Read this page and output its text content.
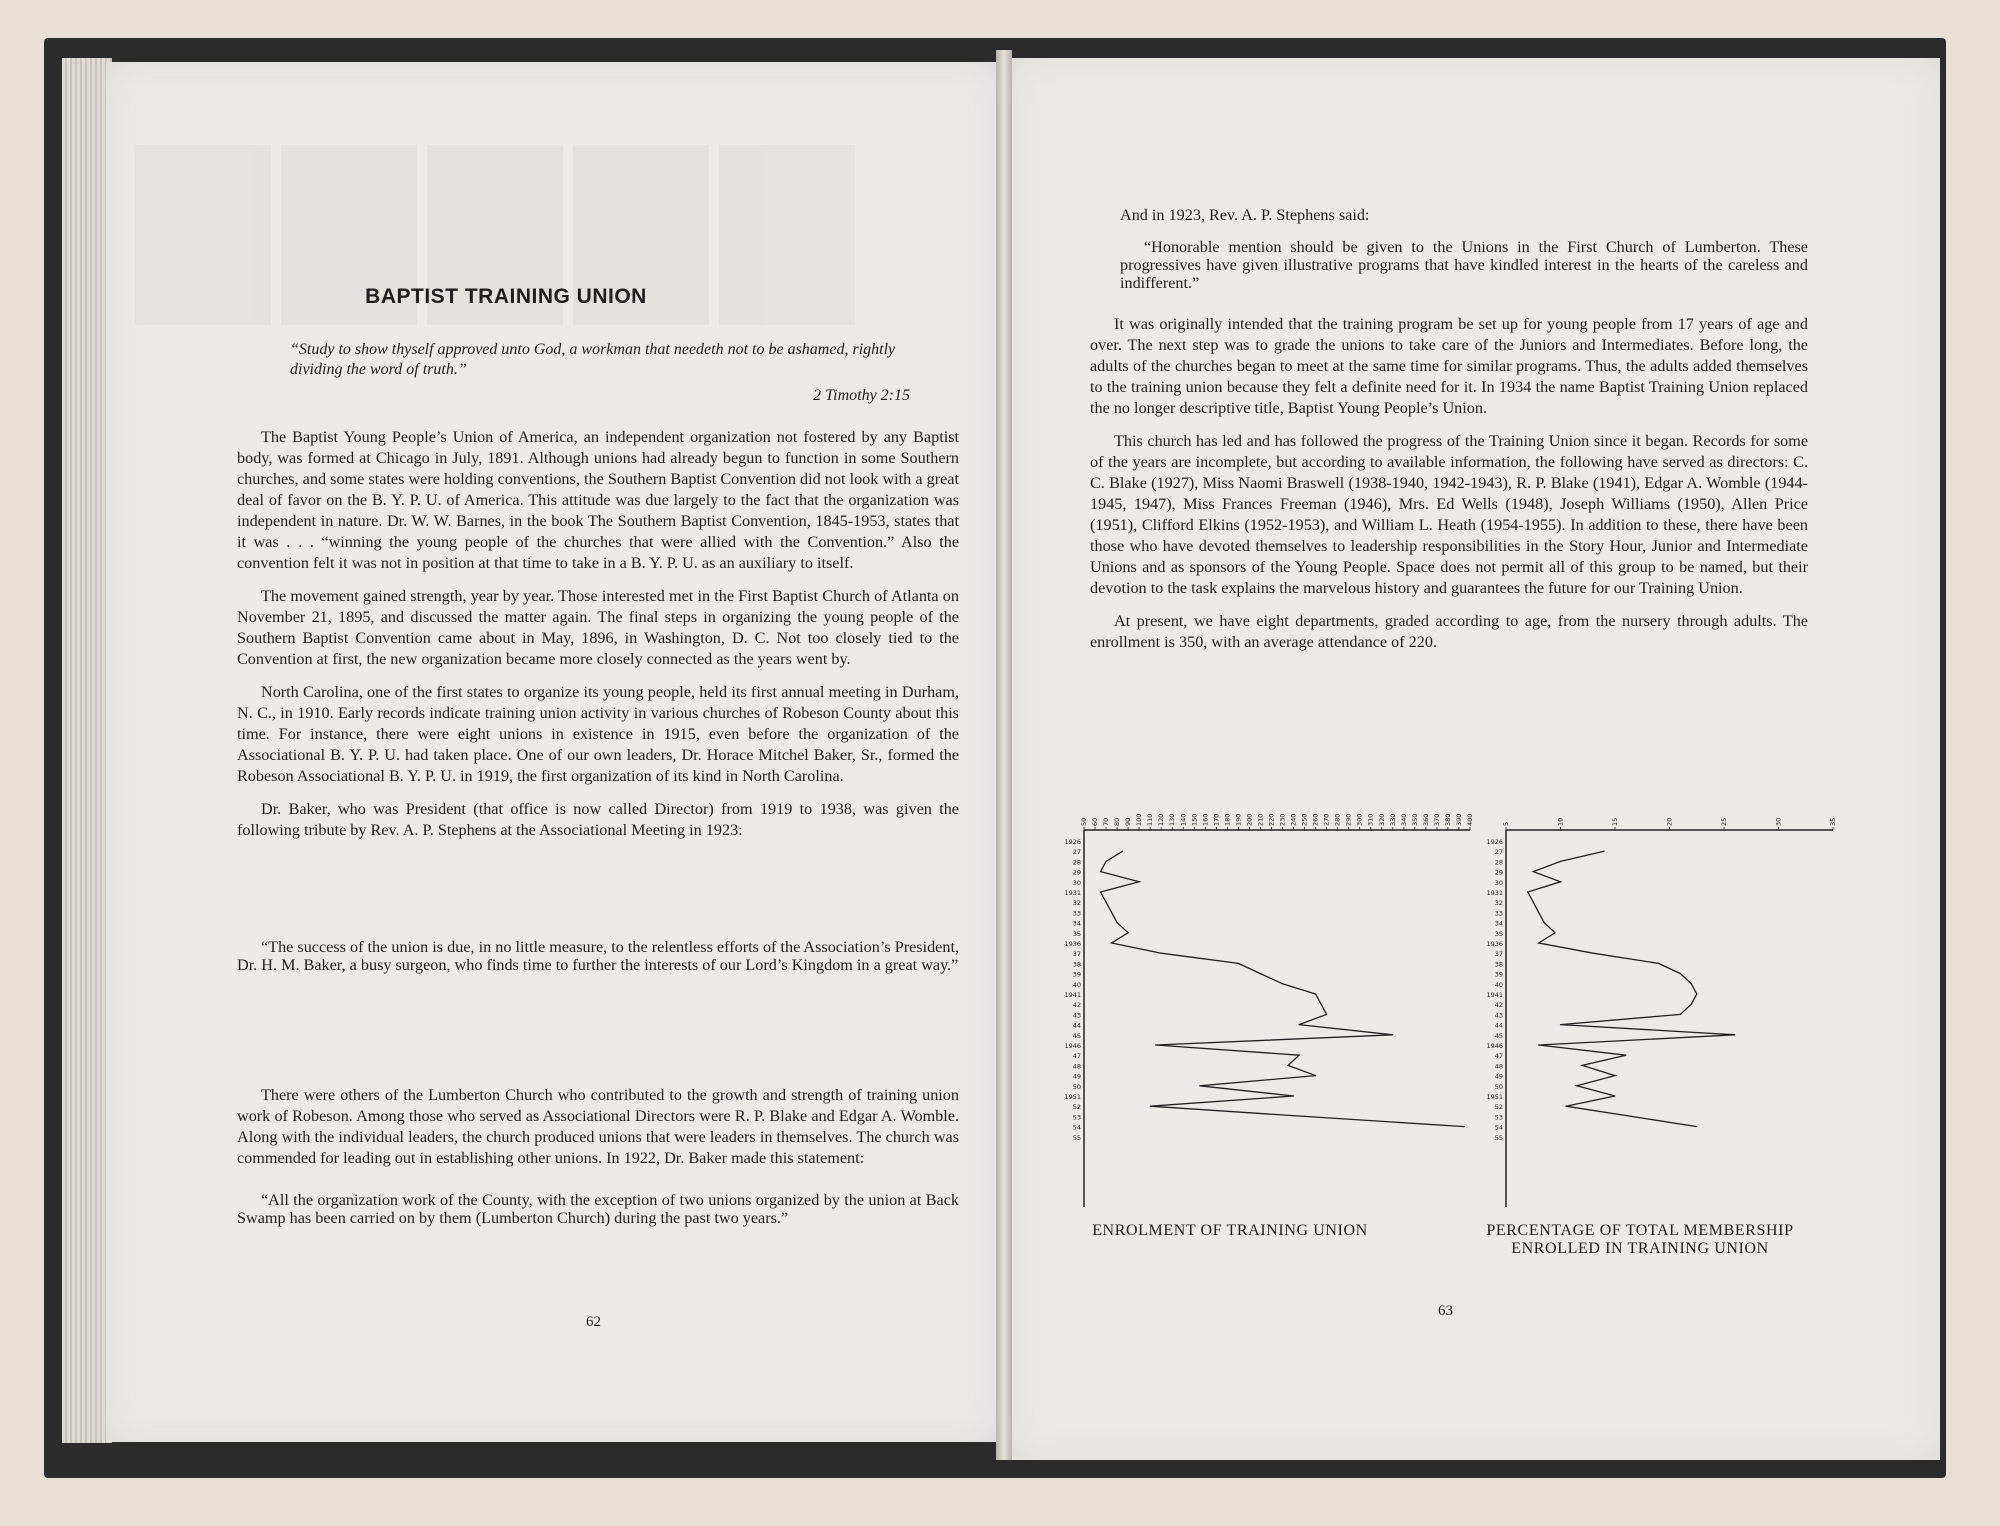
BAPTIST TRAINING UNION
“Study to show thyself approved unto God, a workman that needeth not to be ashamed, rightly dividing the word of truth.”
2 Timothy 2:15

The Baptist Young People’s Union of America, an independent organization not fostered by any Baptist body, was formed at Chicago in July, 1891. Although unions had already begun to function in some Southern churches, and some states were holding conventions, the Southern Baptist Convention did not look with a great deal of favor on the B. Y. P. U. of America. This attitude was due largely to the fact that the organization was independent in nature. Dr. W. W. Barnes, in the book The Southern Baptist Convention, 1845-1953, states that it was . . . “winning the young people of the churches that were allied with the Convention.” Also the convention felt it was not in position at that time to take in a B. Y. P. U. as an auxiliary to itself.

The movement gained strength, year by year. Those interested met in the First Baptist Church of Atlanta on November 21, 1895, and discussed the matter again. The final steps in organizing the young people of the Southern Baptist Convention came about in May, 1896, in Washington, D. C. Not too closely tied to the Convention at first, the new organization became more closely connected as the years went by.

North Carolina, one of the first states to organize its young people, held its first annual meeting in Durham, N. C., in 1910. Early records indicate training union activity in various churches of Robeson County about this time. For instance, there were eight unions in existence in 1915, even before the organization of the Associational B. Y. P. U. had taken place. One of our own leaders, Dr. Horace Mitchel Baker, Sr., formed the Robeson Associational B. Y. P. U. in 1919, the first organization of its kind in North Carolina.

Dr. Baker, who was President (that office is now called Director) from 1919 to 1938, was given the following tribute by Rev. A. P. Stephens at the Associational Meeting in 1923:

“The success of the union is due, in no little measure, to the relentless efforts of the Association’s President, Dr. H. M. Baker, a busy surgeon, who finds time to further the interests of our Lord’s Kingdom in a great way.”

There were others of the Lumberton Church who contributed to the growth and strength of training union work of Robeson. Among those who served as Associational Directors were R. P. Blake and Edgar A. Womble. Along with the individual leaders, the church produced unions that were leaders in themselves. The church was commended for leading out in establishing other unions. In 1922, Dr. Baker made this statement:

“All the organization work of the County, with the exception of two unions organized by the union at Back Swamp has been carried on by them (Lumberton Church) during the past two years.”

62

And in 1923, Rev. A. P. Stephens said:

“Honorable mention should be given to the Unions in the First Church of Lumberton. These progressives have given illustrative programs that have kindled interest in the hearts of the careless and indifferent.”

It was originally intended that the training program be set up for young people from 17 years of age and over. The next step was to grade the unions to take care of the Juniors and Intermediates. Before long, the adults of the churches began to meet at the same time for similar programs. Thus, the adults added themselves to the training union because they felt a definite need for it. In 1934 the name Baptist Training Union replaced the no longer descriptive title, Baptist Young People’s Union.

This church has led and has followed the progress of the Training Union since it began. Records for some of the years are incomplete, but according to available information, the following have served as directors: C. C. Blake (1927), Miss Naomi Braswell (1938-1940, 1942-1943), R. P. Blake (1941), Edgar A. Womble (1944-1945, 1947), Miss Frances Freeman (1946), Mrs. Ed Wells (1948), Joseph Williams (1950), Allen Price (1951), Clifford Elkins (1952-1953), and William L. Heath (1954-1955). In addition to these, there have been those who have devoted themselves to leadership responsibilities in the Story Hour, Junior and Intermediate Unions and as sponsors of the Young People. Space does not permit all of this group to be named, but their devotion to the task explains the marvelous history and guarantees the future for our Training Union.

At present, we have eight departments, graded according to age, from the nursery through adults. The enrollment is 350, with an average attendance of 220.

50 60 70 80 90 100 110 120 130 140 150 160 170 180 190 200 210 220 230 240 250 260 270 280 290 300 310 320 330 340 350 360 370 380 390 400
1926
27
28
29
30
1931
32
33
34
35
1936
37
38
39
40
1941
42
43
44
45
1946
47
48
49
50
1951
52
53
54
55
5	10	15	20	25	30	35
1926
27
28
29
30
1931
32
33
34
35
1936
37
38
39
40
1941
42
43
44
45
1946
47
48
49
50
1951
52
53
54
55
ENROLMENT OF TRAINING UNION	PERCENTAGE OF TOTAL MEMBERSHIP ENROLLED IN TRAINING UNION
63
